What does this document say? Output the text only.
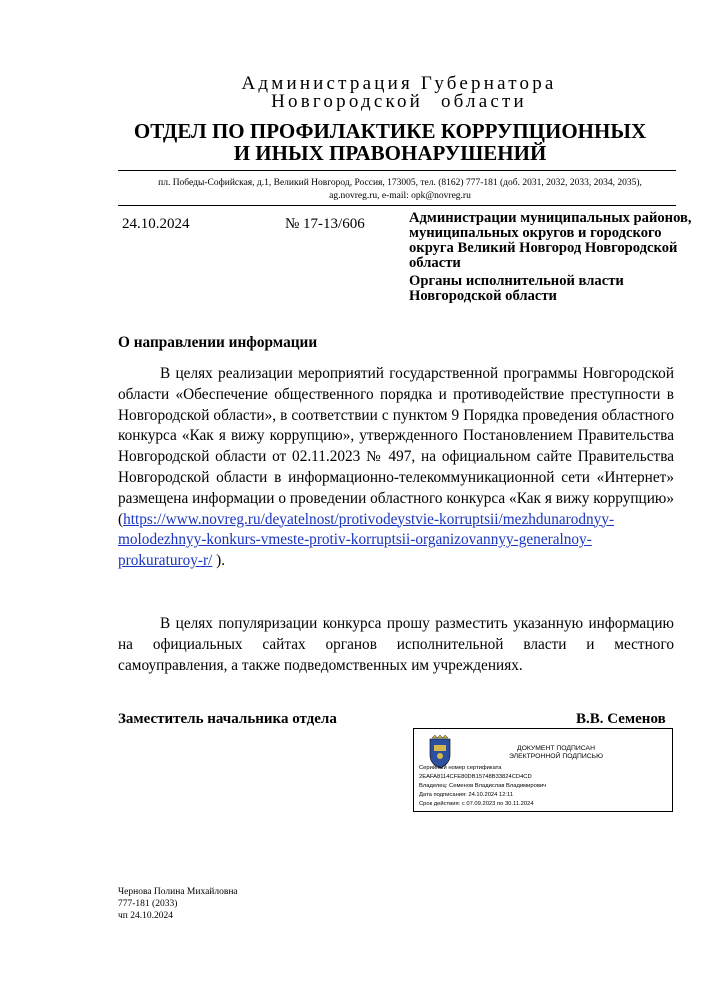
Администрация Губернатора
Новгородской области
ОТДЕЛ ПО ПРОФИЛАКТИКЕ КОРРУПЦИОННЫХ
И ИНЫХ ПРАВОНАРУШЕНИЙ
пл. Победы-Софийская, д.1, Великий Новгород, Россия, 173005, тел. (8162) 777-181 (доб. 2031, 2032, 2033, 2034, 2035),
ag.novreg.ru, e-mail: opk@novreg.ru
24.10.2024	№ 17-13/606	Администрации муниципальных районов, муниципальных округов и городского округа Великий Новгород Новгородской области
Органы исполнительной власти Новгородской области
О направлении информации

В целях реализации мероприятий государственной программы Новгородской области «Обеспечение общественного порядка и противодействие преступности в Новгородской области», в соответствии с пунктом 9 Порядка проведения областного конкурса «Как я вижу коррупцию», утвержденного Постановлением Правительства Новгородской области от 02.11.2023 № 497, на официальном сайте Правительства Новгородской области в информационно-телекоммуникационной сети «Интернет» размещена информации о проведении областного конкурса «Как я вижу коррупцию» (https://www.novreg.ru/deyatelnost/protivodeystvie-korruptsii/mezhdunarodnyy-molodezhnyy-konkurs-vmeste-protiv-korruptsii-organizovannyy-generalnoy-prokuraturoy-r/ ).

В целях популяризации конкурса прошу разместить указанную информацию на официальных сайтах органов исполнительной власти и местного самоуправления, а также подведомственных им учреждениях.

Заместитель начальника отдела	В.В. Семенов
ДОКУМЕНТ ПОДПИСАН
ЭЛЕКТРОННОЙ ПОДПИСЬЮ
Серийный номер сертификата
2EAFA8114CFE80DB15748B33824CD4CD
Владелец: Семенов Владислав Владимирович
Дата подписания: 24.10.2024 12:11
Срок действия: с 07.09.2023 по 30.11.2024
Чернова Полина Михайловна
777-181 (2033)
чп 24.10.2024
